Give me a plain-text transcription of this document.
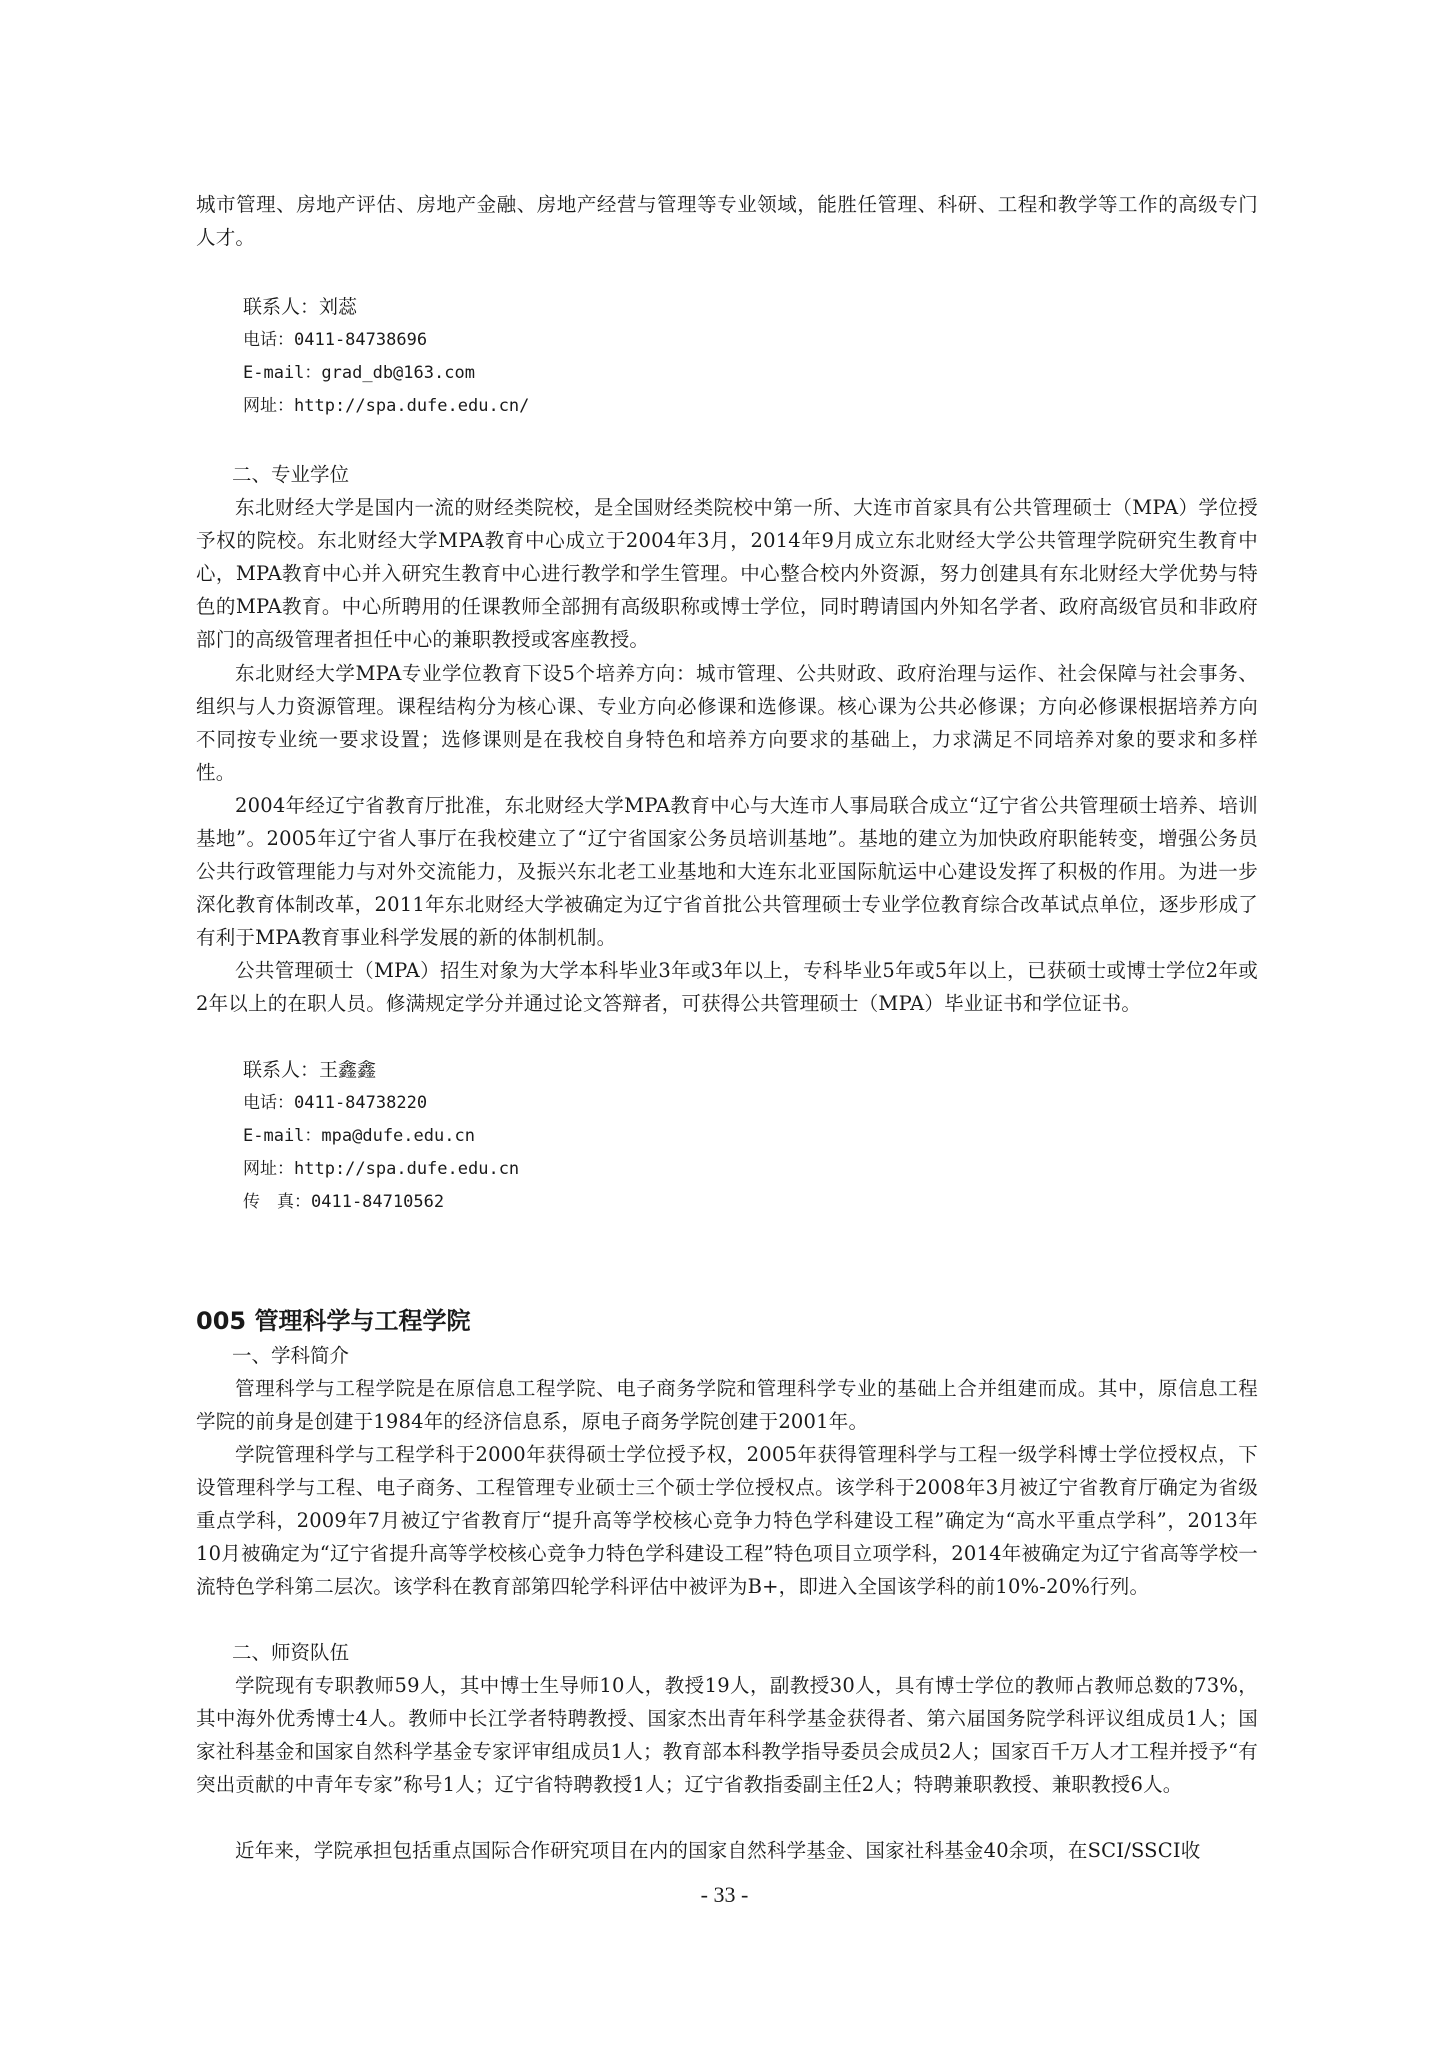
城市管理、房地产评估、房地产金融、房地产经营与管理等专业领域，能胜任管理、科研、工程和教学等工作的高级专门人才。

联系人：刘蕊

电话：0411-84738696

E-mail：grad_db@163.com

网址：http://spa.dufe.edu.cn/

二、专业学位

东北财经大学是国内一流的财经类院校，是全国财经类院校中第一所、大连市首家具有公共管理硕士（MPA）学位授予权的院校。东北财经大学MPA教育中心成立于2004年3月，2014年9月成立东北财经大学公共管理学院研究生教育中心，MPA教育中心并入研究生教育中心进行教学和学生管理。中心整合校内外资源，努力创建具有东北财经大学优势与特色的MPA教育。中心所聘用的任课教师全部拥有高级职称或博士学位，同时聘请国内外知名学者、政府高级官员和非政府部门的高级管理者担任中心的兼职教授或客座教授。

东北财经大学MPA专业学位教育下设5个培养方向：城市管理、公共财政、政府治理与运作、社会保障与社会事务、组织与人力资源管理。课程结构分为核心课、专业方向必修课和选修课。核心课为公共必修课；方向必修课根据培养方向不同按专业统一要求设置；选修课则是在我校自身特色和培养方向要求的基础上，力求满足不同培养对象的要求和多样性。

2004年经辽宁省教育厅批准，东北财经大学MPA教育中心与大连市人事局联合成立“辽宁省公共管理硕士培养、培训基地”。2005年辽宁省人事厅在我校建立了“辽宁省国家公务员培训基地”。基地的建立为加快政府职能转变，增强公务员公共行政管理能力与对外交流能力，及振兴东北老工业基地和大连东北亚国际航运中心建设发挥了积极的作用。为进一步深化教育体制改革，2011年东北财经大学被确定为辽宁省首批公共管理硕士专业学位教育综合改革试点单位，逐步形成了有利于MPA教育事业科学发展的新的体制机制。

公共管理硕士（MPA）招生对象为大学本科毕业3年或3年以上，专科毕业5年或5年以上，已获硕士或博士学位2年或2年以上的在职人员。修满规定学分并通过论文答辩者，可获得公共管理硕士（MPA）毕业证书和学位证书。

联系人：王鑫鑫

电话：0411-84738220

E-mail：mpa@dufe.edu.cn

网址：http://spa.dufe.edu.cn

传　真：0411-84710562

005 管理科学与工程学院

一、学科简介

管理科学与工程学院是在原信息工程学院、电子商务学院和管理科学专业的基础上合并组建而成。其中，原信息工程学院的前身是创建于1984年的经济信息系，原电子商务学院创建于2001年。

学院管理科学与工程学科于2000年获得硕士学位授予权，2005年获得管理科学与工程一级学科博士学位授权点，下设管理科学与工程、电子商务、工程管理专业硕士三个硕士学位授权点。该学科于2008年3月被辽宁省教育厅确定为省级重点学科，2009年7月被辽宁省教育厅“提升高等学校核心竞争力特色学科建设工程”确定为“高水平重点学科”，2013年10月被确定为“辽宁省提升高等学校核心竞争力特色学科建设工程”特色项目立项学科，2014年被确定为辽宁省高等学校一流特色学科第二层次。该学科在教育部第四轮学科评估中被评为B+，即进入全国该学科的前10%-20%行列。

二、师资队伍

学院现有专职教师59人，其中博士生导师10人，教授19人，副教授30人，具有博士学位的教师占教师总数的73%，其中海外优秀博士4人。教师中长江学者特聘教授、国家杰出青年科学基金获得者、第六届国务院学科评议组成员1人；国家社科基金和国家自然科学基金专家评审组成员1人；教育部本科教学指导委员会成员2人；国家百千万人才工程并授予“有突出贡献的中青年专家”称号1人；辽宁省特聘教授1人；辽宁省教指委副主任2人；特聘兼职教授、兼职教授6人。

近年来，学院承担包括重点国际合作研究项目在内的国家自然科学基金、国家社科基金40余项，在SCI/SSCI收

- 33 -
